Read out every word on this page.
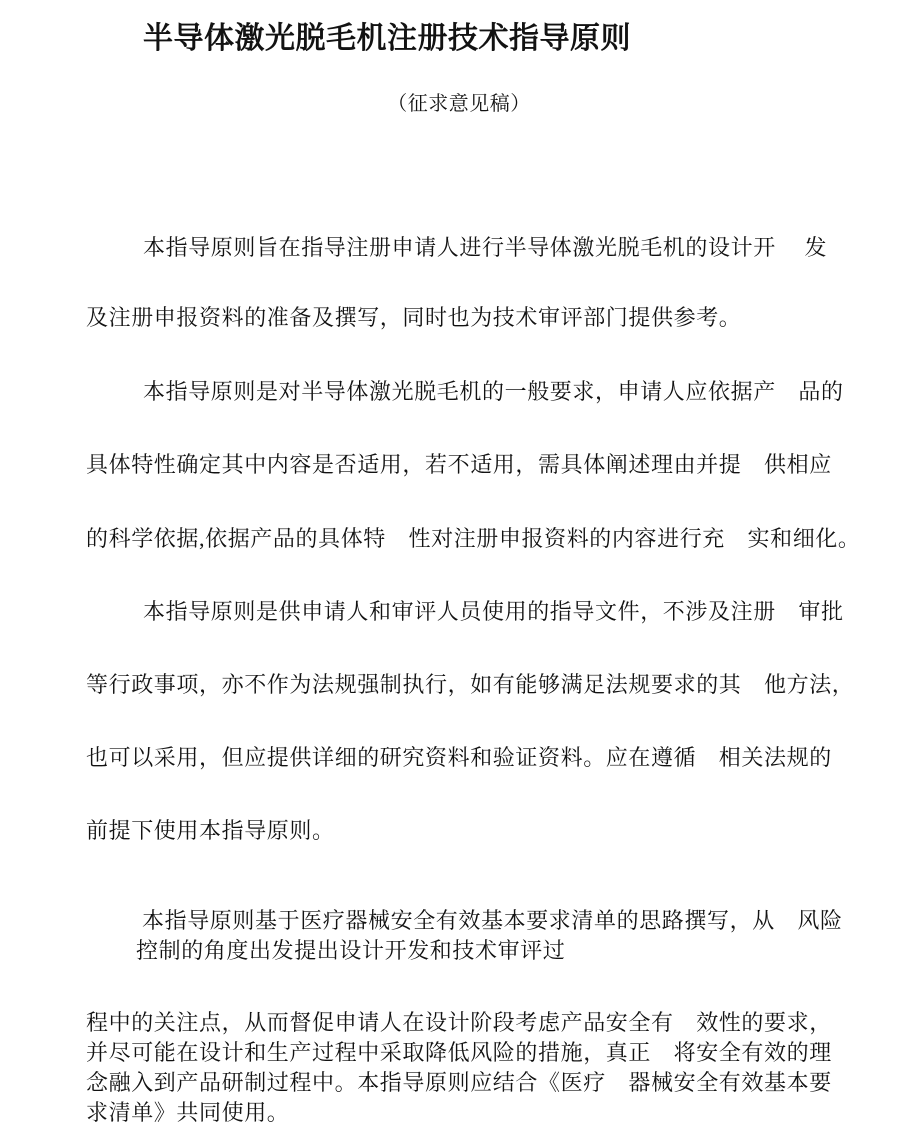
半导体激光脱毛机注册技术指导原则
（征求意见稿）
本指导原则旨在指导注册申请人进行半导体激光脱毛机的设计开　 发
及注册申报资料的准备及撰写，同时也为技术审评部门提供参考。
本指导原则是对半导体激光脱毛机的一般要求，申请人应依据产　品的
具体特性确定其中内容是否适用，若不适用，需具体阐述理由并提　供相应
的科学依据,依据产品的具体特　性对注册申报资料的内容进行充　实和细化。
本指导原则是供申请人和审评人员使用的指导文件，不涉及注册　审批
等行政事项，亦不作为法规强制执行，如有能够满足法规要求的其　他方法，
也可以采用，但应提供详细的研究资料和验证资料。应在遵循　相关法规的
前提下使用本指导原则。
本指导原则基于医疗器械安全有效基本要求清单的思路撰写，从　风险
控制的角度出发提出设计开发和技术审评过
程中的关注点，从而督促申请人在设计阶段考虑产品安全有　效性的要求，
并尽可能在设计和生产过程中采取降低风险的措施，真正　将安全有效的理
念融入到产品研制过程中。本指导原则应结合《医疗　器械安全有效基本要
求清单》共同使用。
